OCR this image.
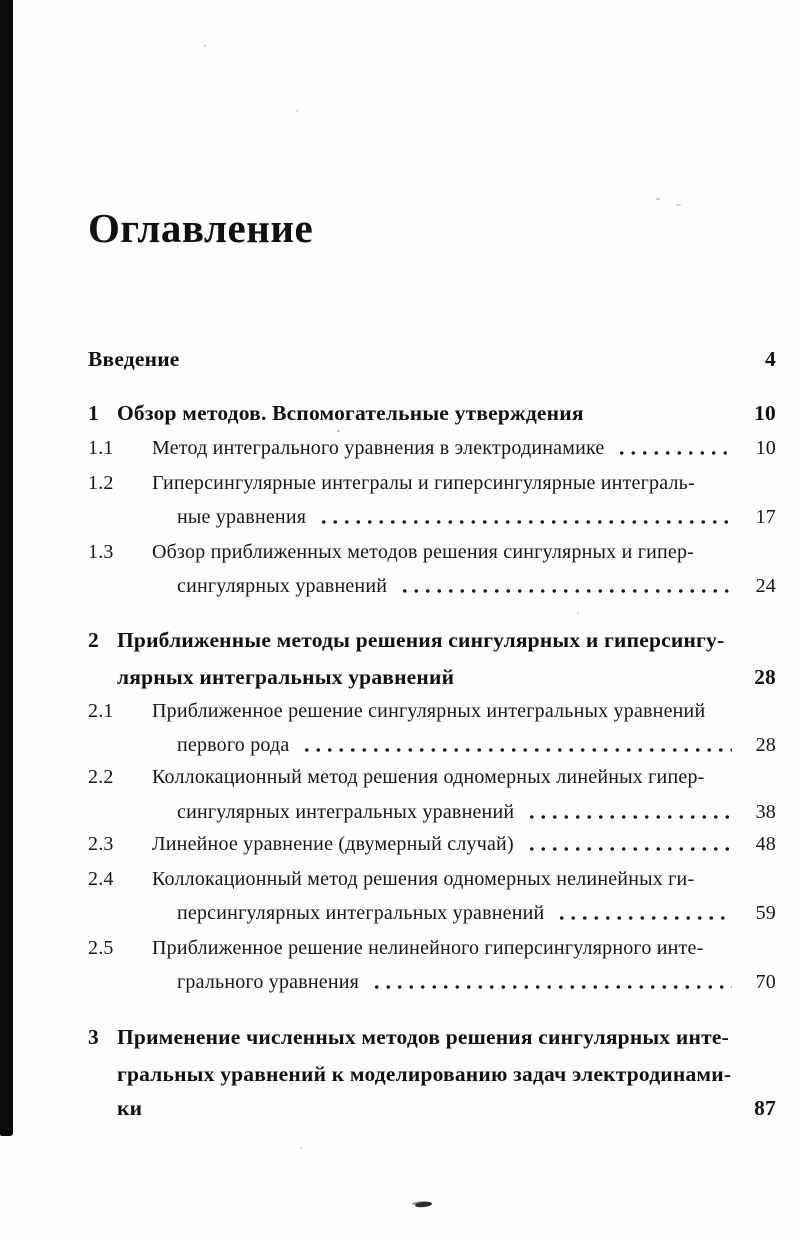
Оглавление
Введение	4
1 Обзор методов. Вспомогательные утверждения	10
1.1	Метод интегрального уравнения в электродинамике	10
1.2	Гиперсингулярные интегралы и гиперсингулярные интеграль-
ные уравнения	17
1.3	Обзор приближенных методов решения сингулярных и гипер-
сингулярных уравнений	24
2 Приближенные методы решения сингулярных и гиперсингу-
лярных интегральных уравнений	28
2.1	Приближенное решение сингулярных интегральных уравнений
первого рода	28
2.2	Коллокационный метод решения одномерных линейных гипер-
сингулярных интегральных уравнений	38
2.3	Линейное уравнение (двумерный случай)	48
2.4	Коллокационный метод решения одномерных нелинейных ги-
персингулярных интегральных уравнений	59
2.5	Приближенное решение нелинейного гиперсингулярного инте-
грального уравнения	70
3 Применение численных методов решения сингулярных инте-
гральных уравнений к моделированию задач электродинами-
ки	87
